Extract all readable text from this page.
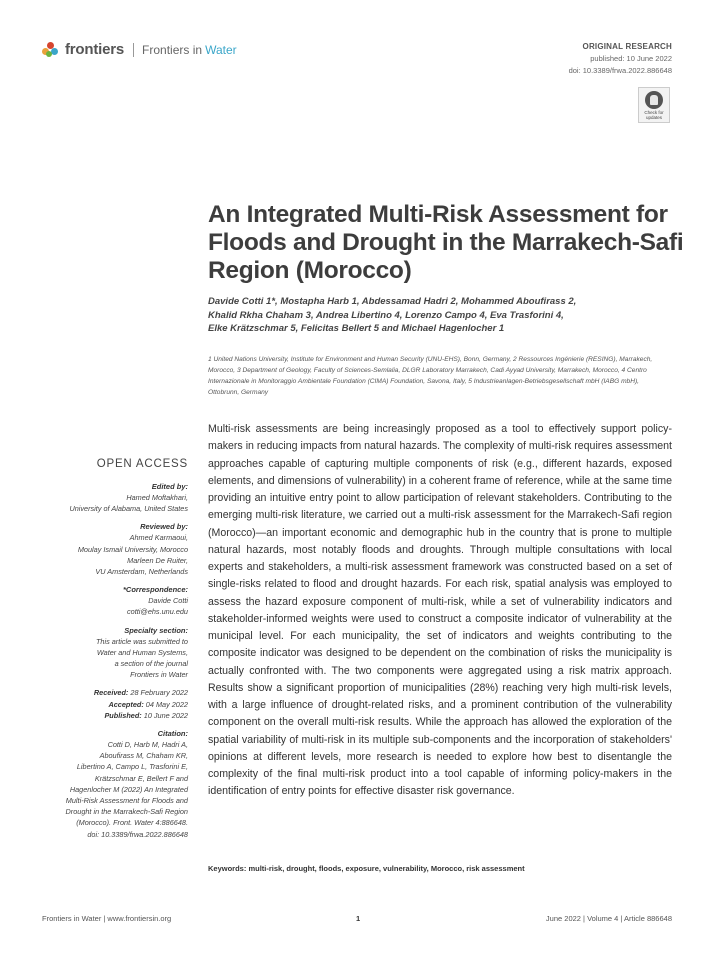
frontiers Frontiers in Water	ORIGINAL RESEARCH
published: 10 June 2022
doi: 10.3389/frwa.2022.886648
Check for updates
An Integrated Multi-Risk Assessment for Floods and Drought in the Marrakech-Safi Region (Morocco)
Davide Cotti 1*, Mostapha Harb 1, Abdessamad Hadri 2, Mohammed Aboufirass 2,
Khalid Rkha Chaham 3, Andrea Libertino 4, Lorenzo Campo 4, Eva Trasforini 4,
Elke Krätzschmar 5, Felicitas Bellert 5 and Michael Hagenlocher 1
1 United Nations University, Institute for Environment and Human Security (UNU-EHS), Bonn, Germany, 2 Ressources Ingénierie (RESING), Marrakech, Morocco, 3 Department of Geology, Faculty of Sciences-Semlalia, DLGR Laboratory Marrakech, Cadi Ayyad University, Marrakech, Morocco, 4 Centro Internazionale in Monitoraggio Ambientale Foundation (CIMA) Foundation, Savona, Italy, 5 Industrieanlagen-Betriebsgesellschaft mbH (IABG mbH), Ottobrunn, Germany
OPEN ACCESS
Edited by:
Hamed Moftakhari,
University of Alabama, United States
Reviewed by:
Ahmed Karmaoui,
Moulay Ismail University, Morocco
Marleen De Ruiter,
VU Amsterdam, Netherlands
*Correspondence:
Davide Cotti
cotti@ehs.unu.edu
Specialty section:
This article was submitted to
Water and Human Systems,
a section of the journal
Frontiers in Water
Received: 28 February 2022
Accepted: 04 May 2022
Published: 10 June 2022
Citation:
Cotti D, Harb M, Hadri A,
Aboufirass M, Chaham KR,
Libertino A, Campo L, Trasforini E,
Krätzschmar E, Bellert F and
Hagenlocher M (2022) An Integrated
Multi-Risk Assessment for Floods and
Drought in the Marrakech-Safi Region
(Morocco). Front. Water 4:886648.
doi: 10.3389/frwa.2022.886648

Multi-risk assessments are being increasingly proposed as a tool to effectively support policy-makers in reducing impacts from natural hazards. The complexity of multi-risk requires assessment approaches capable of capturing multiple components of risk (e.g., different hazards, exposed elements, and dimensions of vulnerability) in a coherent frame of reference, while at the same time providing an intuitive entry point to allow participation of relevant stakeholders. Contributing to the emerging multi-risk literature, we carried out a multi-risk assessment for the Marrakech-Safi region (Morocco)—an important economic and demographic hub in the country that is prone to multiple natural hazards, most notably floods and droughts. Through multiple consultations with local experts and stakeholders, a multi-risk assessment framework was constructed based on a set of single-risks related to flood and drought hazards. For each risk, spatial analysis was employed to assess the hazard exposure component of multi-risk, while a set of vulnerability indicators and stakeholder-informed weights were used to construct a composite indicator of vulnerability at the municipal level. For each municipality, the set of indicators and weights contributing to the composite indicator was designed to be dependent on the combination of risks the municipality is actually confronted with. The two components were aggregated using a risk matrix approach. Results show a significant proportion of municipalities (28%) reaching very high multi-risk levels, with a large influence of drought-related risks, and a prominent contribution of the vulnerability component on the overall multi-risk results. While the approach has allowed the exploration of the spatial variability of multi-risk in its multiple sub-components and the incorporation of stakeholders' opinions at different levels, more research is needed to explore how best to disentangle the complexity of the final multi-risk product into a tool capable of informing policy-makers in the identification of entry points for effective disaster risk governance.

Keywords: multi-risk, drought, floods, exposure, vulnerability, Morocco, risk assessment
Frontiers in Water | www.frontiersin.org	1	June 2022 | Volume 4 | Article 886648
